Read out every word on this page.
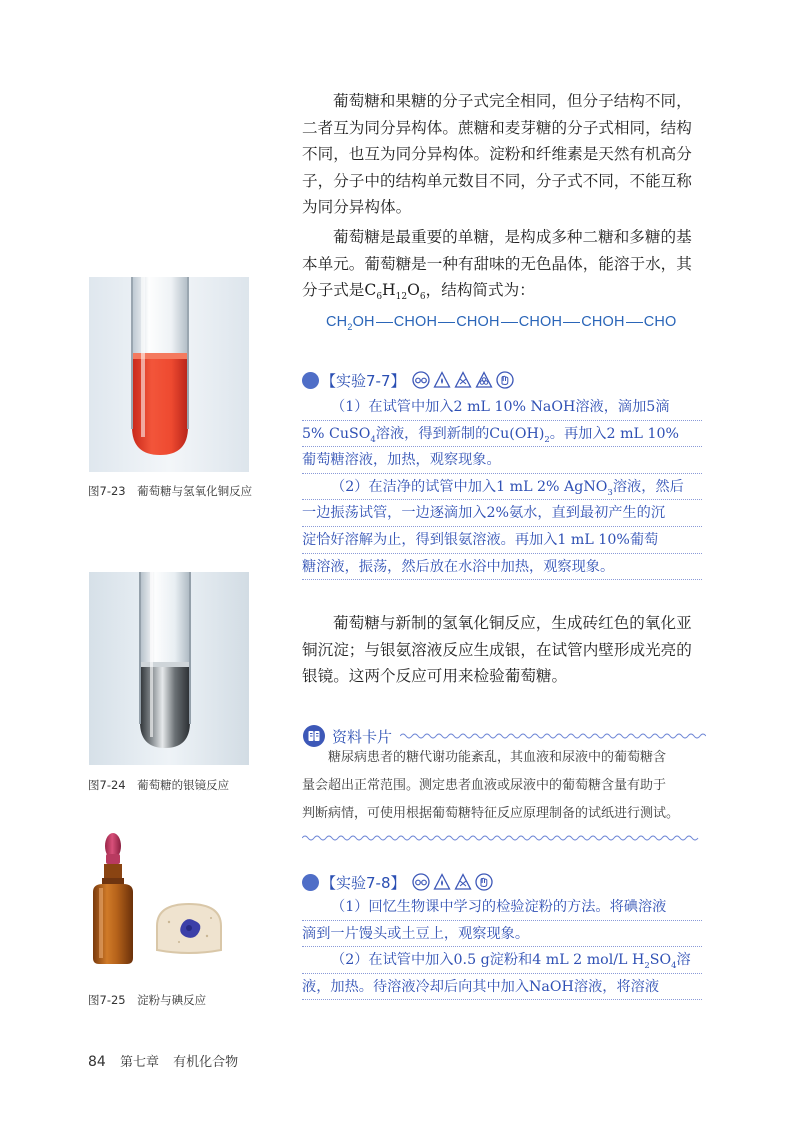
图7-23　葡萄糖与氢氧化铜反应
图7-24　葡萄糖的银镜反应
图7-25　淀粉与碘反应
葡萄糖和果糖的分子式完全相同，但分子结构不同，
二者互为同分异构体。蔗糖和麦芽糖的分子式相同，结构
不同，也互为同分异构体。淀粉和纤维素是天然有机高分
子，分子中的结构单元数目不同，分子式不同，不能互称
为同分异构体。
葡萄糖是最重要的单糖，是构成多种二糖和多糖的基
本单元。葡萄糖是一种有甜味的无色晶体，能溶于水，其
分子式是$C_6H_{12}O_6$，结构简式为：
$CH_2OH$ CHOH CHOH CHOH CHOH CHO
【实验7-7】
（1）在试管中加入2 mL 10% NaOH溶液，滴加5滴
5% CuSO$_4$溶液，得到新制的$Cu(OH)_2$。再加入2 mL 10%
葡萄糖溶液，加热，观察现象。
（2）在洁净的试管中加入1 mL 2% AgNO$_3$溶液，然后
一边振荡试管，一边逐滴加入2%氨水，直到最初产生的沉
淀恰好溶解为止，得到银氨溶液。再加入1 mL 10%葡萄
糖溶液，振荡，然后放在水浴中加热，观察现象。
葡萄糖与新制的氢氧化铜反应，生成砖红色的氧化亚
铜沉淀；与银氨溶液反应生成银，在试管内壁形成光亮的
银镜。这两个反应可用来检验葡萄糖。
资料卡片
糖尿病患者的糖代谢功能紊乱，其血液和尿液中的葡萄糖含
量会超出正常范围。测定患者血液或尿液中的葡萄糖含量有助于
判断病情，可使用根据葡萄糖特征反应原理制备的试纸进行测试。
【实验7-8】
（1）回忆生物课中学习的检验淀粉的方法。将碘溶液
滴到一片馒头或土豆上，观察现象。
（2）在试管中加入0.5 g淀粉和4 mL 2 mol/L $H_2SO_4$溶
液，加热。待溶液冷却后向其中加入NaOH溶液，将溶液
84 第七章 有机化合物
